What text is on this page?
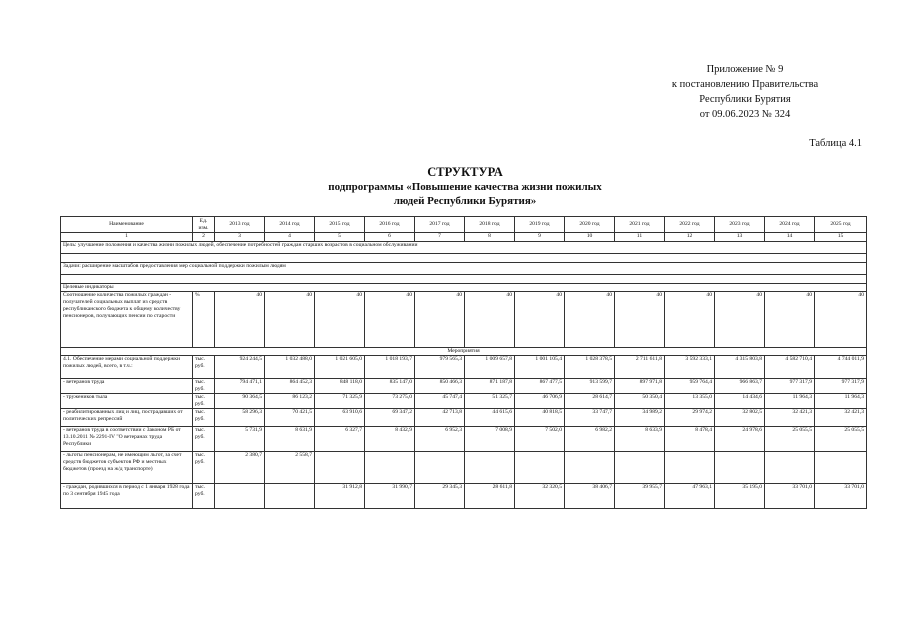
Приложение № 9
к постановлению Правительства
Республики Бурятия
от 09.06.2023 № 324
Таблица 4.1
СТРУКТУРА
подпрограммы «Повышение качества жизни пожилых
людей Республики Бурятия»
Наименование	Ед. изм.	2013 год	2014 год	2015 год	2016 год	2017 год	2018 год	2019 год	2020 год	2021 год	2022 год	2023 год	2024 год	2025 год
1	2	3	4	5	6	7	8	9	10	11	12	13	14	15
Цель: улучшение положения и качества жизни пожилых людей, обеспечение потребностей граждан старших возрастов в социальном обслуживании														

Задачи: расширение масштабов предоставления мер социальной поддержки пожилым людям														

Целевые индикаторы														
Соотношение количества пожилых граждан - получателей социальных выплат из средств республиканского бюджета к общему количеству пенсионеров, получающих пенсии по старости	%	40	40	40	40	40	40	40	40	40	40	40	40	40
Мероприятия														
4.1. Обеспечение мерами социальной поддержки пожилых людей, всего, в т.ч.:	тыс. руб.	924 244,5	1 032 488,0	1 021 605,0	1 018 193,7	979 565,3	1 009 657,8	1 001 105,4	1 028 378,5	2 711 611,8	3 592 333,1	4 315 803,8	4 582 710,4	4 744 011,9
- ветеранов труда	тыс. руб.	794 471,1	864 452,3	848 118,0	835 147,0	850 466,3	871 187,8	867 477,5	913 599,7	897 971,8	959 764,4	966 863,7	977 317,9	977 317,9
- тружеников тыла	тыс. руб.	90 364,5	86 123,2	71 325,9	73 275,0	45 747,4	51 325,7	46 706,9	28 614,7	50 350,4	13 355,0	14 434,6	11 964,3	11 964,3
- реабилитированных лиц и лиц, пострадавших от политических репрессий	тыс. руб.	58 296,3	70 421,5	63 910,6	69 347,2	42 713,8	44 615,6	40 818,5	33 747,7	34 989,2	29 974,2	32 802,5	32 421,3	32 421,3
- ветеранов труда в соответствии с Законом РБ от 13.10.2011 № 2291-IV "О ветеранах труда Республики	тыс. руб.	5 731,9	8 631,9	6 327,7	8 432,9	6 952,3	7 008,9	7 502,0	6 982,2	8 633,9	8 478,4	24 978,6	25 055,5	25 055,5
- льготы пенсионерам, не имеющим льгот, за счет средств бюджетов субъектов РФ и местных бюджетов (проезд на ж/д транспорте)	тыс. руб.	2 380,7	2 558,7											
- граждан, родившихся в период с 1 января 1928 года по 3 сентября 1945 года	тыс. руб.			31 912,8	31 990,7	29 345,3	28 611,8	32 320,5	38 406,7	39 955,7	47 963,1	35 195,0	33 701,0	33 701,0
